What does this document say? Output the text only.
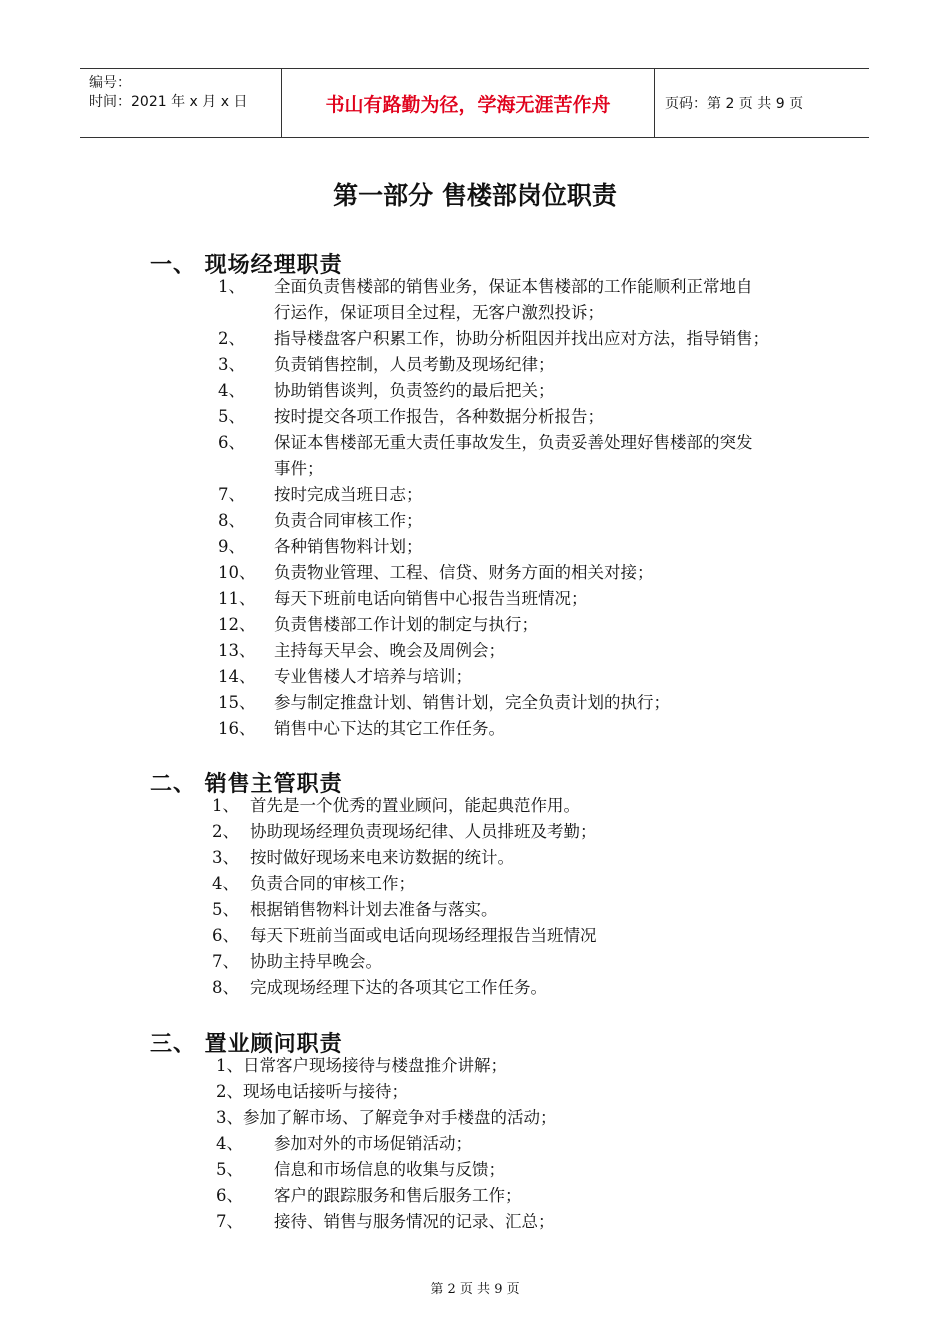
编号：
时间：2021 年 x 月 x 日	书山有路勤为径，学海无涯苦作舟	页码：第 2 页 共 9 页
第一部分 售楼部岗位职责
一、 现场经理职责
1、 全面负责售楼部的销售业务，保证本售楼部的工作能顺利正常地自
行运作，保证项目全过程，无客户激烈投诉；
2、 指导楼盘客户积累工作，协助分析阻因并找出应对方法，指导销售；
3、 负责销售控制，人员考勤及现场纪律；
4、 协助销售谈判，负责签约的最后把关；
5、 按时提交各项工作报告，各种数据分析报告；
6、 保证本售楼部无重大责任事故发生，负责妥善处理好售楼部的突发
事件；
7、 按时完成当班日志；
8、 负责合同审核工作；
9、 各种销售物料计划；
10、 负责物业管理、工程、信贷、财务方面的相关对接；
11、 每天下班前电话向销售中心报告当班情况；
12、 负责售楼部工作计划的制定与执行；
13、 主持每天早会、晚会及周例会；
14、 专业售楼人才培养与培训；
15、 参与制定推盘计划、销售计划，完全负责计划的执行；
16、 销售中心下达的其它工作任务。
二、 销售主管职责
1、 首先是一个优秀的置业顾问，能起典范作用。
2、 协助现场经理负责现场纪律、人员排班及考勤；
3、 按时做好现场来电来访数据的统计。
4、 负责合同的审核工作；
5、 根据销售物料计划去准备与落实。
6、 每天下班前当面或电话向现场经理报告当班情况
7、 协助主持早晚会。
8、 完成现场经理下达的各项其它工作任务。
三、 置业顾问职责
1、日常客户现场接待与楼盘推介讲解；
2、现场电话接听与接待；
3、参加了解市场、了解竞争对手楼盘的活动；
4、 参加对外的市场促销活动；
5、 信息和市场信息的收集与反馈；
6、 客户的跟踪服务和售后服务工作；
7、 接待、销售与服务情况的记录、汇总；
第 2 页 共 9 页
